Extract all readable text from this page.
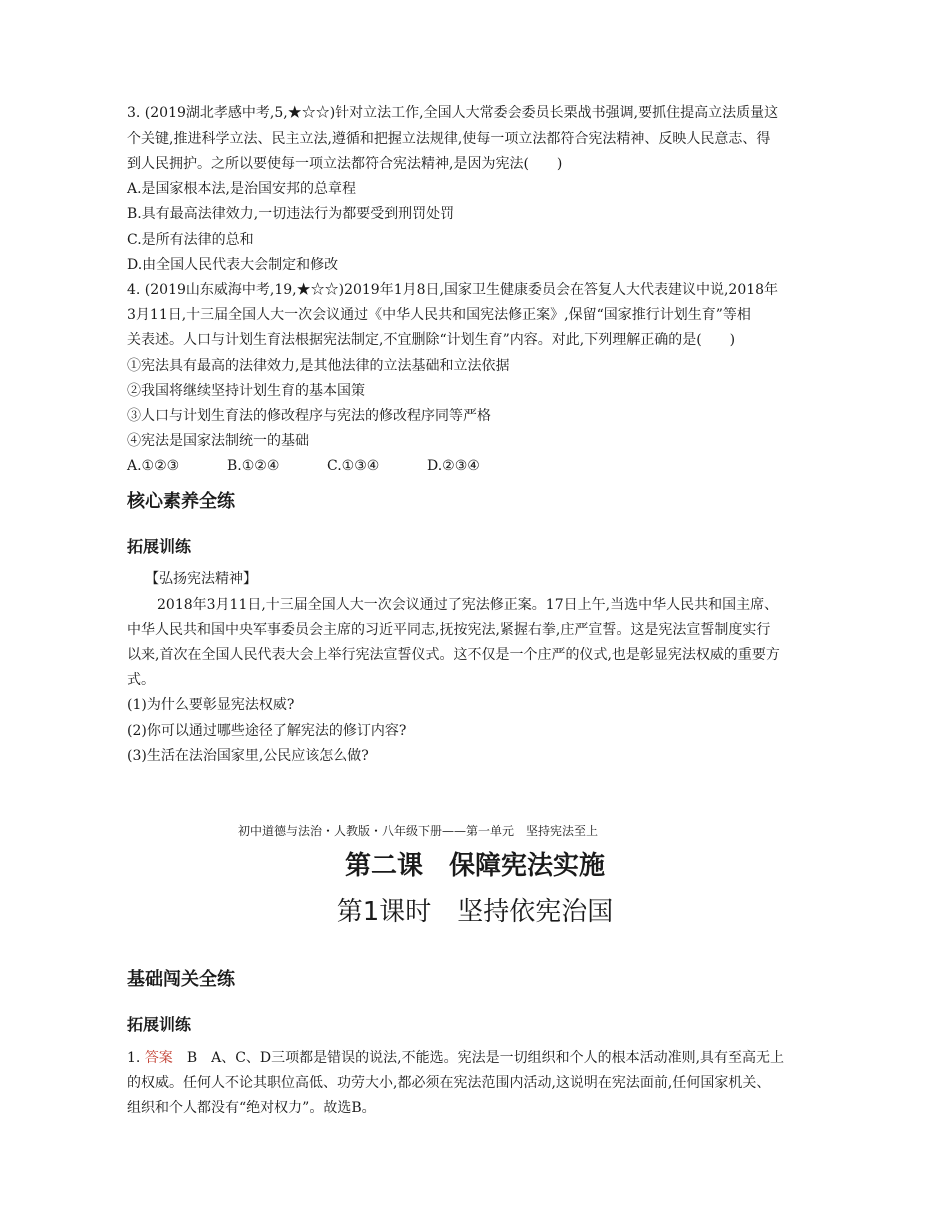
3. (2019湖北孝感中考,5,★☆☆)针对立法工作,全国人大常委会委员长栗战书强调,要抓住提高立法质量这
个关键,推进科学立法、民主立法,遵循和把握立法规律,使每一项立法都符合宪法精神、反映人民意志、得
到人民拥护。之所以要使每一项立法都符合宪法精神,是因为宪法(　　)
A.是国家根本法,是治国安邦的总章程
B.具有最高法律效力,一切违法行为都要受到刑罚处罚
C.是所有法律的总和
D.由全国人民代表大会制定和修改
4. (2019山东威海中考,19,★☆☆)2019年1月8日,国家卫生健康委员会在答复人大代表建议中说,2018年
3月11日,十三届全国人大一次会议通过《中华人民共和国宪法修正案》,保留“国家推行计划生育”等相
关表述。人口与计划生育法根据宪法制定,不宜删除“计划生育”内容。对此,下列理解正确的是(　　)
①宪法具有最高的法律效力,是其他法律的立法基础和立法依据
②我国将继续坚持计划生育的基本国策
③人口与计划生育法的修改程序与宪法的修改程序同等严格
④宪法是国家法制统一的基础
A.①②③	B.①②④	C.①③④	D.②③④
核心素养全练
拓展训练
【弘扬宪法精神】
2018年3月11日,十三届全国人大一次会议通过了宪法修正案。17日上午,当选中华人民共和国主席、
中华人民共和国中央军事委员会主席的习近平同志,抚按宪法,紧握右拳,庄严宣誓。这是宪法宣誓制度实行
以来,首次在全国人民代表大会上举行宪法宣誓仪式。这不仅是一个庄严的仪式,也是彰显宪法权威的重要方
式。
(1)为什么要彰显宪法权威?
(2)你可以通过哪些途径了解宪法的修订内容?
(3)生活在法治国家里,公民应该怎么做?
初中道德与法治・人教版・八年级下册——第一单元　坚持宪法至上
第二课　保障宪法实施
第1课时　坚持依宪治国
基础闯关全练
拓展训练
1. 答案　 B　A、C、D三项都是错误的说法,不能选。宪法是一切组织和个人的根本活动准则,具有至高无上
的权威。任何人不论其职位高低、功劳大小,都必须在宪法范围内活动,这说明在宪法面前,任何国家机关、
组织和个人都没有“绝对权力”。故选B。
